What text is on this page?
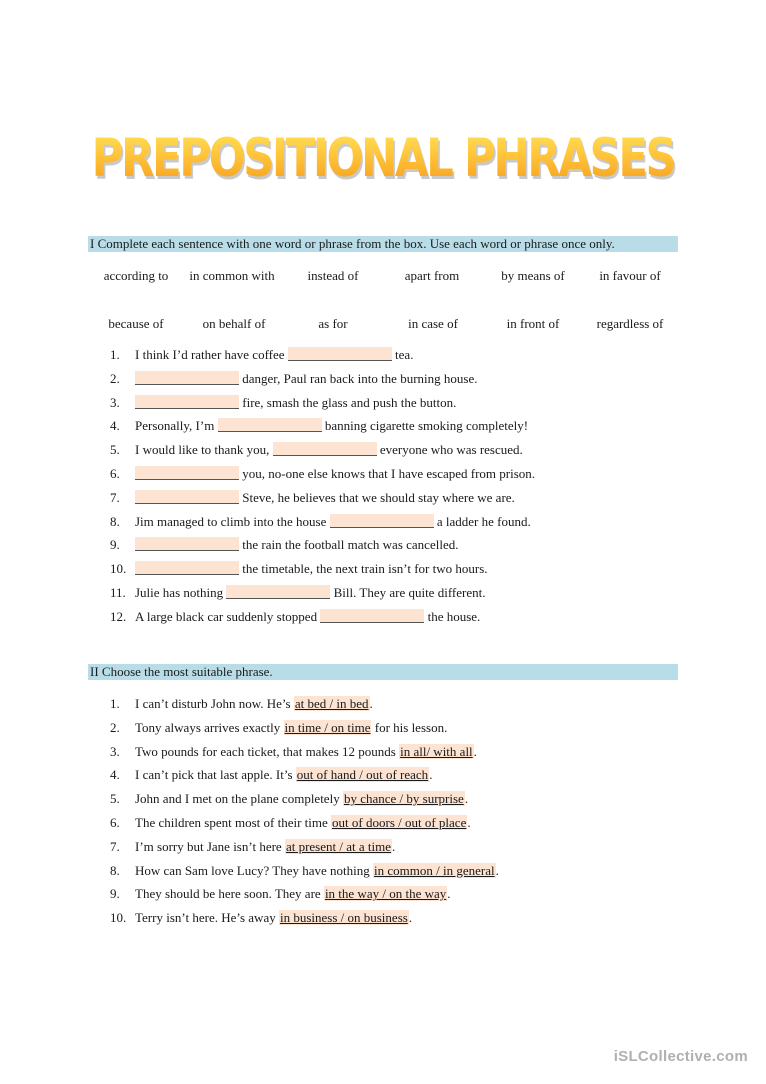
PREPOSITIONAL PHRASES
I Complete each sentence with one word or phrase from the box. Use each word or phrase once only.
according to	in common with	instead of	apart from	by means of	in favour of
because of	on behalf of	as for	in case of	in front of	regardless of
1. I think I’d rather have coffee	tea.
2.	danger, Paul ran back into the burning house.
3.	fire, smash the glass and push the button.
4. Personally, I’m	banning cigarette smoking completely!
5. I would like to thank you,	everyone who was rescued.
6.	you, no-one else knows that I have escaped from prison.
7.	Steve, he believes that we should stay where we are.
8. Jim managed to climb into the house	a ladder he found.
9.	the rain the football match was cancelled.
10.	the timetable, the next train isn’t for two hours.
11. Julie has nothing	Bill. They are quite different.
12. A large black car suddenly stopped	the house.
II Choose the most suitable phrase.
1. I can’t disturb John now. He’s at bed / in bed.
2. Tony always arrives exactly in time / on time for his lesson.
3. Two pounds for each ticket, that makes 12 pounds in all/ with all.
4. I can’t pick that last apple. It’s out of hand / out of reach.
5. John and I met on the plane completely by chance / by surprise.
6. The children spent most of their time out of doors / out of place.
7. I’m sorry but Jane isn’t here at present / at a time.
8. How can Sam love Lucy? They have nothing in common / in general.
9. They should be here soon. They are in the way / on the way.
10. Terry isn’t here. He’s away in business / on business.
iSLCollective.com
